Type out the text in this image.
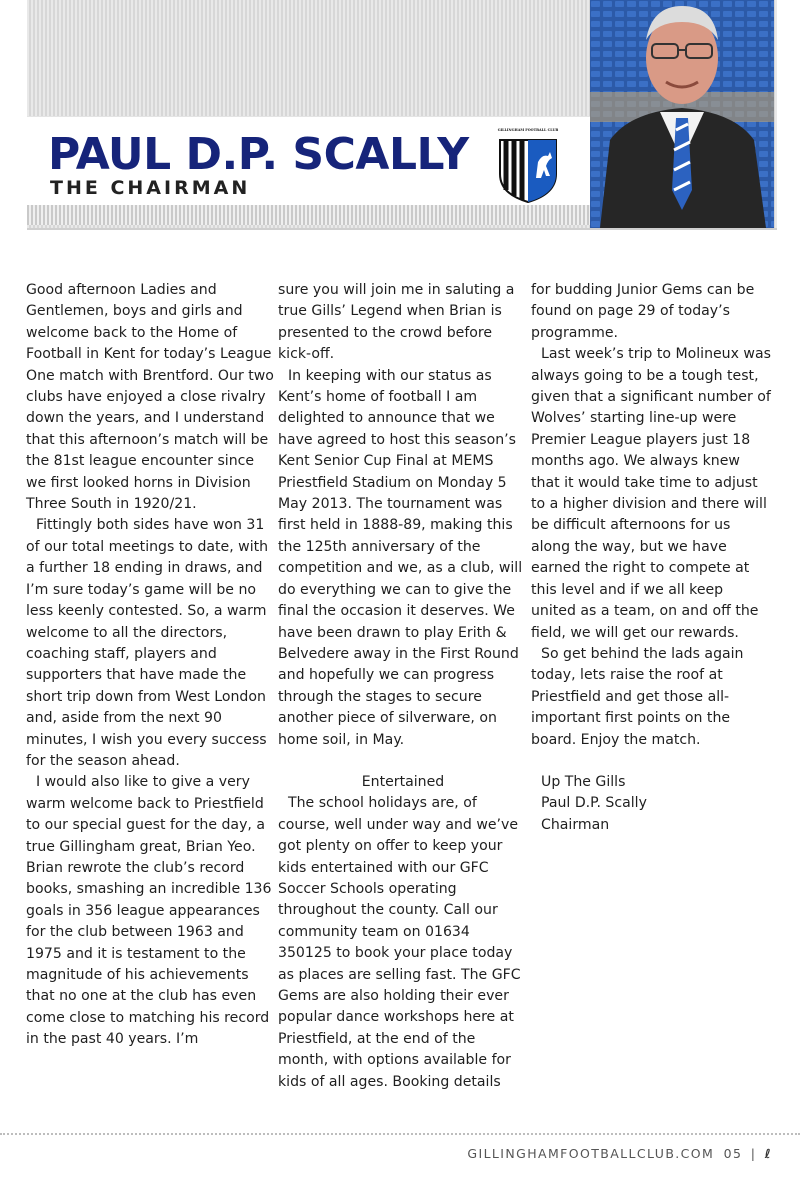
PAUL D.P. SCALLY
THE CHAIRMAN
GILLINGHAM FOOTBALL CLUB

Good afternoon Ladies and Gentlemen, boys and girls and welcome back to the Home of Football in Kent for today’s League One match with Brentford. Our two clubs have enjoyed a close rivalry down the years, and I understand that this afternoon’s match will be the 81st league encounter since we first looked horns in Division Three South in 1920/21.

Fittingly both sides have won 31 of our total meetings to date, with a further 18 ending in draws, and I’m sure today’s game will be no less keenly contested. So, a warm welcome to all the directors, coaching staff, players and supporters that have made the short trip down from West London and, aside from the next 90 minutes, I wish you every success for the season ahead.

I would also like to give a very warm welcome back to Priestfield to our special guest for the day, a true Gillingham great, Brian Yeo. Brian rewrote the club’s record books, smashing an incredible 136 goals in 356 league appearances for the club between 1963 and 1975 and it is testament to the magnitude of his achievements that no one at the club has even come close to matching his record in the past 40 years. I’m

sure you will join me in saluting a true Gills’ Legend when Brian is presented to the crowd before kick-off.

In keeping with our status as Kent’s home of football I am delighted to announce that we have agreed to host this season’s Kent Senior Cup Final at MEMS Priestfield Stadium on Monday 5 May 2013. The tournament was first held in 1888-89, making this the 125th anniversary of the competition and we, as a club, will do everything we can to give the final the occasion it deserves. We have been drawn to play Erith & Belvedere away in the First Round and hopefully we can progress through the stages to secure another piece of silverware, on home soil, in May.

Entertained

The school holidays are, of course, well under way and we’ve got plenty on offer to keep your kids entertained with our GFC Soccer Schools operating throughout the county. Call our community team on 01634 350125 to book your place today as places are selling fast. The GFC Gems are also holding their ever popular dance workshops here at Priestfield, at the end of the month, with options available for kids of all ages. Booking details

for budding Junior Gems can be found on page 29 of today’s programme.

Last week’s trip to Molineux was always going to be a tough test, given that a significant number of Wolves’ starting line-up were Premier League players just 18 months ago. We always knew that it would take time to adjust to a higher division and there will be difficult afternoons for us along the way, but we have earned the right to compete at this level and if we all keep united as a team, on and off the field, we will get our rewards.

So get behind the lads again today, lets raise the roof at Priestfield and get those all-important first points on the board. Enjoy the match.

Up The Gills
Paul D.P. Scally
Chairman

GILLINGHAMFOOTBALLCLUB.COM 05 | ℓ
